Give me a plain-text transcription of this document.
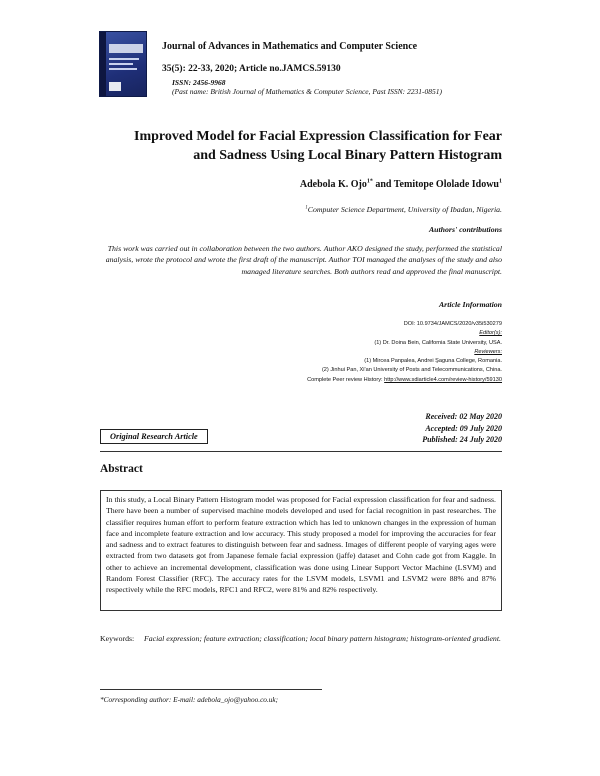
Journal of Advances in Mathematics and Computer Science
35(5): 22-33, 2020; Article no.JAMCS.59130
ISSN: 2456-9968
(Past name: British Journal of Mathematics & Computer Science, Past ISSN: 2231-0851)
Improved Model for Facial Expression Classification for Fear
and Sadness Using Local Binary Pattern Histogram
Adebola K. Ojo$^{1*}$ and Temitope Ololade Idowu$^1$
$^1$Computer Science Department, University of Ibadan, Nigeria.
Authors' contributions
This work was carried out in collaboration between the two authors. Author AKO designed the study, performed the statistical analysis, wrote the protocol and wrote the first draft of the manuscript. Author TOI managed the analyses of the study and also managed literature searches. Both authors read and approved the final manuscript.
Article Information
DOI: 10.9734/JAMCS/2020/v35i530279
Editor(s):
(1) Dr. Doina Bein, California State University, USA.
Reviewers:
(1) Mircea Panpalea, Andrei Şaguna College, Romania.
(2) Jinhui Pan, Xi'an University of Posts and Telecommunications, China.
Complete Peer review History: http://www.sdiarticle4.com/review-history/59130
Received: 02 May 2020
Accepted: 09 July 2020
Published: 24 July 2020
Original Research Article
Abstract
In this study, a Local Binary Pattern Histogram model was proposed for Facial expression classification for fear and sadness. There have been a number of supervised machine models developed and used for facial recognition in past researches. The classifier requires human effort to perform feature extraction which has led to unknown changes in the expression of human face and incomplete feature extraction and low accuracy. This study proposed a model for improving the accuracies for fear and sadness and to extract features to distinguish between fear and sadness. Images of different people of varying ages were extracted from two datasets got from Japanese female facial expression (jaffe) dataset and Cohn cade got from Kaggle. In other to achieve an incremental development, classification was done using Linear Support Vector Machine (LSVM) and Random Forest Classifier (RFC). The accuracy rates for the LSVM models, LSVM1 and LSVM2 were 88% and 87% respectively while the RFC models, RFC1 and RFC2, were 81% and 82% respectively.
Keywords:	Facial expression; feature extraction; classification; local binary pattern histogram; histogram-oriented gradient.
*Corresponding author: E-mail: adebola_ojo@yahoo.co.uk;
